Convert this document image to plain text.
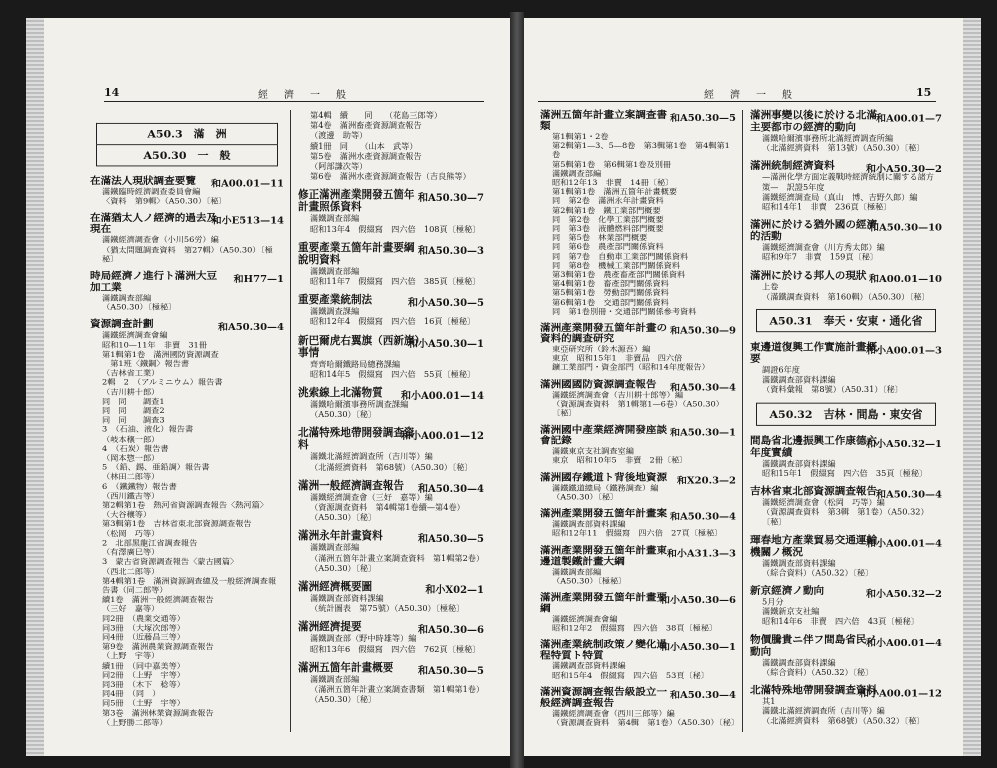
14	經　濟　一　般
A50.3　滿　洲
A50.30　一　般
在滿法人現狀調查要覽	和A00.01—11
滿鐵臨時經濟調查委員會編
〈資料　第9輯〉（A50.30）〔秘〕
在滿猶太人ノ經濟的過去及現在
和小E513—14
滿鐵經濟調查會（小川56労）編
（猶太問題調查資料　第27輯）（A50.30）〔極秘〕
時局經濟ノ進行ト滿洲大豆加工業
和H77—1
滿鐵調查部編
（A50.30）〔極秘〕
資源調查計劃	和A50.30—4
滿鐵經濟調查會編
昭和10—11年　非賣　31冊
第1輯第1卷　滿洲國防資源調查
　第1班〈鐵鋼〉報告書
（吉林省工業）
2輯　2　（アルミニウム）報告書
（吉川耕十郎）
同　同　　調查1
同　同　　調查2
同　同　　調查3
3　（石油、液化）報告書
（岐本穣一郎）
4　（石炭）報告書
（岡本惣一郎）
5　（鉛、錫、亜鉛調）報告書
（林田二郎等）
6　（鐵鐵物）報告書
（西川鐵吉等）
第2輯第1卷　熱河省資源調查報告〈熱河篇〉
（大谷穰等）
第3輯第1卷　吉林省東北部資源調查報告
（松岡　巧等）
2　北部黑龍江省調查報告
（有澤廣巳等）
3　蒙古省資源調查報告〈蒙古國篇〉
（西北二郎等）
第4輯第1卷　滿洲資源調查總及一般經濟調查報告書（同二郎等）
續1卷　滿洲一般經濟調查報告
（三好　嘉等）
同2冊　（農業交通等）
同3冊　（大塚次郎等）
同4冊　（近藤昌三等）
第9卷　滿洲農業資源調查報告
（上野　宇等）
續1冊　（同中嘉美等）
同2冊　（上野　宇等）
同3冊　（木下　稔等）
同4冊　（同　）
同5冊　（土野　宇等）
第3卷　滿洲林業資源調查報告
（上野勝二郎等）
第4輯　續　　同　　（花島三郎等）
第4卷　滿洲畜產資源調查報告
（渡邊　助等）
續1冊　同　　（山本　武等）
第5卷　滿洲水產資源調查報告
（阿部謙次等）
第6卷　滿洲水產資源調查報告（吉良熊等）
修正滿洲產業開發五箇年計畫照係資料
和A50.30—7
滿鐵調查部編
昭和13年4　假綴寫　四六倍　108頁〔極秘〕
重要產業五箇年計畫要綱說明資料
和A50.30—3
滿鐵調查部編
昭和11年7　假綴寫　四六倍　385頁〔極秘〕
重要產業統制法	和小A50.30—5
滿鐵調查課編
昭和12年4　假綴寫　四六倍　16頁〔極秘〕
新巴爾虎右翼旗（西新旗）事情
和小A50.30—1
齊齊哈爾鐵路局總務課編
昭和14年5　假綴寫　四六倍　55頁〔極秘〕
洮索線上北滿物質	和小A00.01—14
滿鐵哈爾濱事務所調查課編
（A50.30）〔秘〕
北滿特殊地帶開發調查資料
和小A00.01—12
滿鐵北滿經濟調查所（吉川等）編
（北滿經濟資料　第68號）（A50.30）〔秘〕
滿洲一般經濟調查報告	和A50.30—4
滿鐵經濟調查會（三好　嘉等）編
（資源調查資料　第4輯第1卷續—第4卷）
（A50.30）〔秘〕
滿洲永年計畫資料	和A50.30—5
滿鐵調查部編
（滿洲五箇年計畫立案調查資料　第1輯第2卷）
（A50.30）〔秘〕
滿洲經濟概要圖	和小X02—1
滿鐵調查部資料課編
（統計圖表　第75號）（A50.30）〔極秘〕
滿洲經濟提要	和A50.30—6
滿鐵調查部（野中時雄等）編
昭和13年6　假綴寫　四六倍　762頁〔極秘〕
滿洲五箇年計畫概要	和A50.30—5
滿鐵調查部編
（滿洲五箇年計畫立案調查書類　第1輯第1卷）
（A50.30）〔秘〕
15
經　濟　一　般
滿洲五箇年計畫立案調查書類
和A50.30—5
第1輯第1・2卷
第2輯第1—3、5—8卷　第3輯第1卷　第4輯第1卷
第5輯第1卷　第6輯第1卷及別冊
滿鐵調查部編
昭和12年13　非賣　14冊〔秘〕
第1輯第1卷　滿洲五箇年計畫概要
同　第2卷　滿洲永年計畫資料
第2輯第1卷　鐵工業部門概要
同　第2卷　化學工業部門概要
同　第3卷　液體燃料部門概要
同　第5卷　林業部門概要
同　第6卷　農產部門關係資料
同　第7卷　自動車工業部門關係資料
同　第8卷　機械工業部門關係資料
第3輯第1卷　農產畜產部門關係資料
第4輯第1卷　畜產部門關係資料
第5輯第1卷　勞動部門關係資料
第6輯第1卷　交通部門關係資料
同　第1卷別冊・交通部門關係參考資料
滿洲產業開發五箇年計畫の資料的調查研究
和A50.30—9
東亞研究所（鈴木源吾）編
東京　昭和15年1　非賣品　四六倍
鑛工業部門・資金部門（昭和14年度報告）
滿洲國國防資源調查報告	和A50.30—4
滿鐵經濟調查會（吉川耕十郎等）編
（資源調查資料　第1輯第1—6卷）（A50.30）〔秘〕
滿洲國中產業經濟開發座談會記錄
和A50.30—1
滿鐵東京支社調查室編
東京　昭和10年5　非賣　2冊〔秘〕
滿洲國存鐵道ト背後地資源 和X20.3—2
滿鐵鐵道總局（鐵務調查）編
（A50.30）〔秘〕
滿洲產業開發五箇年計畫案 和A50.30—4
滿鐵調查部資料課編
昭和12年11　假綴寫　四六倍　27頁〔極秘〕
滿洲產業開發五箇年計畫東邊道製鐵計畫大綱
和小A31.3—3
滿鐵調查部編
（A50.30）〔極秘〕
滿洲產業開發五箇年計畫要綱
和小A50.30—6
滿鐵經濟調查會編
昭和12年2　假綴寫　四六倍　38頁〔極秘〕
滿洲產業統制政策ノ變化過程特質ト特質
和小A50.30—1
滿鐵調查部資料課編
昭和15年4　假綴寫　四六倍　53頁〔秘〕
滿洲資源調查報告級設立一般經濟調查報告
和A50.30—4
滿鐵經濟調查會（西川三郎等）編
（資源調查資料　第4輯　第1卷）（A50.30）〔秘〕
滿洲事變以後に於ける北滿主要都市の經濟的動向
和A00.01—7
滿鐵哈爾濱事務所北滿經濟調查所編
（北滿經濟資料　第13號）（A50.30）〔秘〕
滿洲統制經濟資料	和小A50.30—2
—滿洲化學方面定義戰時經濟統制に關する諸方策—　訳證5年度
滿鐵經濟調查局（真山　博、吉野久郎）編
昭和14年1　非賣　236頁〔極秘〕
滿洲に於ける猶外國の經濟的活動
和A50.30—10
滿鐵經濟調查會（川方秀太郎）編
昭和9年7　非賣　159頁〔秘〕
滿洲に於ける邦人の現狀 和A00.01—10
上卷
（滿鐵調查資料　第160輯）（A50.30）〔秘〕
A50.31　奉天・安東・通化省
東邊道復興工作實施計畫概要
和小A00.01—3
調證6年度
滿鐵調查部資料課編
（資料彙報　第8號）（A50.31）〔秘〕
A50.32　吉林・間島・東安省
間島省北邊振興工作康德六年度實績
和小A50.32—1
滿鐵調查部資料課編
昭和15年1　假綴寫　四六倍　35頁〔極秘〕
吉林省東北部資源調查報告
和A50.30—4
滿鐵經濟調查會（松岡　巧等）編
（資源調查資料　第3輯　第1卷）（A50.32）〔秘〕
琿春地方產業貿易交通運輸機關ノ概況
和小A00.01—4
滿鐵調查部資料課編
（綜合資料）（A50.32）〔秘〕
新京經濟ノ動向	和小A50.32—2
5月分
滿鐵新京支社編
昭和14年6　非賣　四六倍　43頁〔極秘〕
物價騰貴ニ伴フ間島省民ノ動向
和小A00.01—4
滿鐵調查部資料課編
（綜合資料）（A50.32）〔秘〕
北滿特殊地帶開發調查資料
和小A00.01—12
其1
滿鐵北滿經濟調查所（吉川等）編
（北滿經濟資料　第68號）（A50.32）〔秘〕
